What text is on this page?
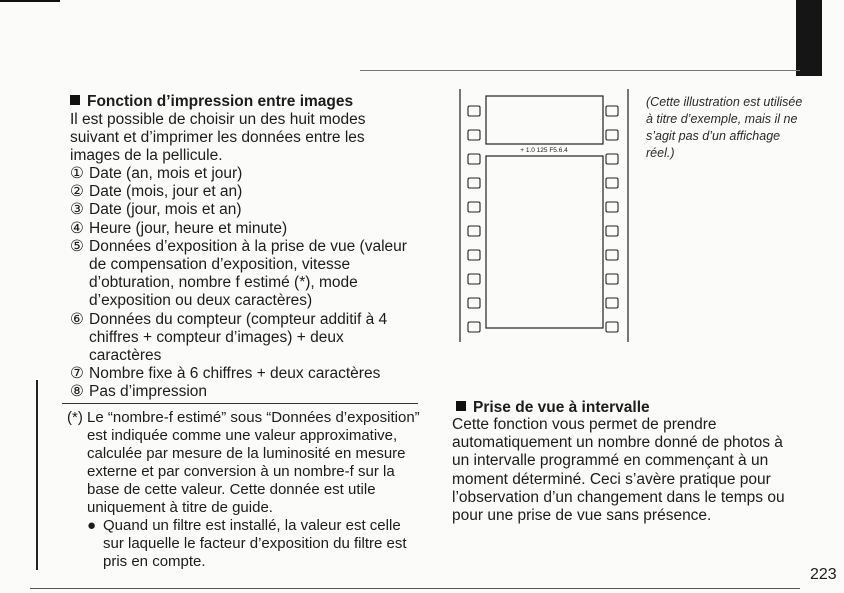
Fonction d’impression entre images

Il est possible de choisir un des huit modes suivant et d’imprimer les données entre les images de la pellicule.

① Date (an, mois et jour)
② Date (mois, jour et an)
③ Date (jour, mois et an)
④ Heure (jour, heure et minute)
⑤ Données d’exposition à la prise de vue (valeur de compensation d’exposition, vitesse d’obturation, nombre f estimé (*), mode d’exposition ou deux caractères)
⑥ Données du compteur (compteur additif à 4 chiffres + compteur d’images) + deux caractères
⑦ Nombre fixe à 6 chiffres + deux caractères
⑧ Pas d’impression

(*) Le “nombre-f estimé” sous “Données d’exposition” est indiquée comme une valeur approximative, calculée par mesure de la luminosité en mesure externe et par conversion à un nombre-f sur la base de cette valeur. Cette donnée est utile uniquement à titre de guide.

● Quand un filtre est installé, la valeur est celle sur laquelle le facteur d’exposition du filtre est pris en compte.

+ 1.0 125 F5.6.4

(Cette illustration est utilisée à titre d’exemple, mais il ne s’agit pas d’un affichage réel.)

Prise de vue à intervalle

Cette fonction vous permet de prendre automatiquement un nombre donné de photos à un intervalle programmé en commençant à un moment déterminé. Ceci s’avère pratique pour l’observation d’un changement dans le temps ou pour une prise de vue sans présence.

223
